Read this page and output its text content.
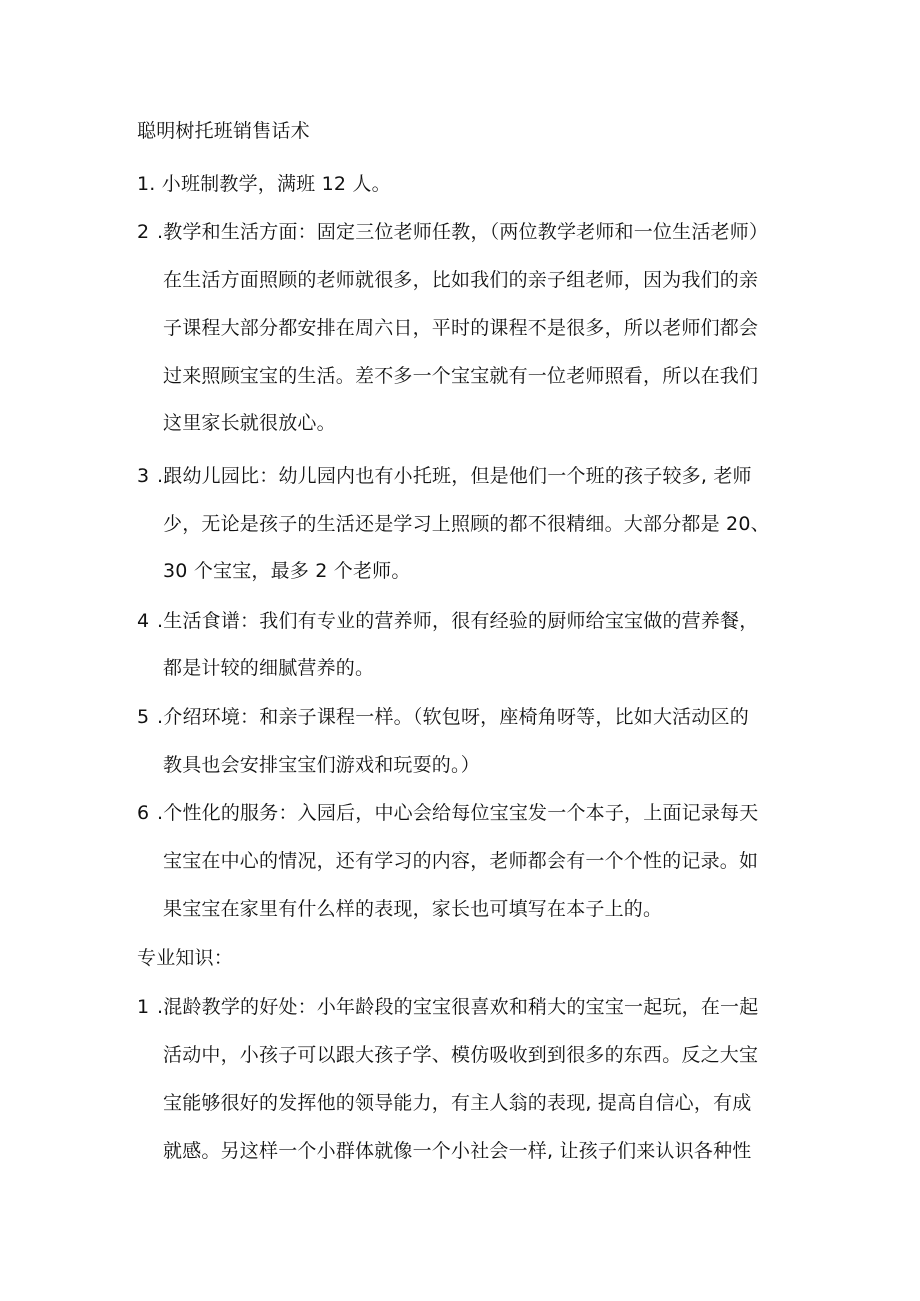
聪明树托班销售话术
1. 小班制教学，满班 12 人。
2 .教学和生活方面：固定三位老师任教，（两位教学老师和一位生活老师）
在生活方面照顾的老师就很多，比如我们的亲子组老师，因为我们的亲
子课程大部分都安排在周六日，平时的课程不是很多，所以老师们都会
过来照顾宝宝的生活。差不多一个宝宝就有一位老师照看，所以在我们
这里家长就很放心。
3 .跟幼儿园比：幼儿园内也有小托班，但是他们一个班的孩子较多, 老师
少，无论是孩子的生活还是学习上照顾的都不很精细。大部分都是 20、
30 个宝宝，最多 2 个老师。
4 .生活食谱：我们有专业的营养师，很有经验的厨师给宝宝做的营养餐，
都是计较的细腻营养的。
5 .介绍环境：和亲子课程一样。（软包呀，座椅角呀等，比如大活动区的
教具也会安排宝宝们游戏和玩耍的。）
6 .个性化的服务：入园后，中心会给每位宝宝发一个本子，上面记录每天
宝宝在中心的情况，还有学习的内容，老师都会有一个个性的记录。如
果宝宝在家里有什么样的表现，家长也可填写在本子上的。
专业知识：
1 .混龄教学的好处：小年龄段的宝宝很喜欢和稍大的宝宝一起玩，在一起
活动中，小孩子可以跟大孩子学、模仿吸收到到很多的东西。反之大宝
宝能够很好的发挥他的领导能力，有主人翁的表现, 提高自信心，有成
就感。另这样一个小群体就像一个小社会一样, 让孩子们来认识各种性
